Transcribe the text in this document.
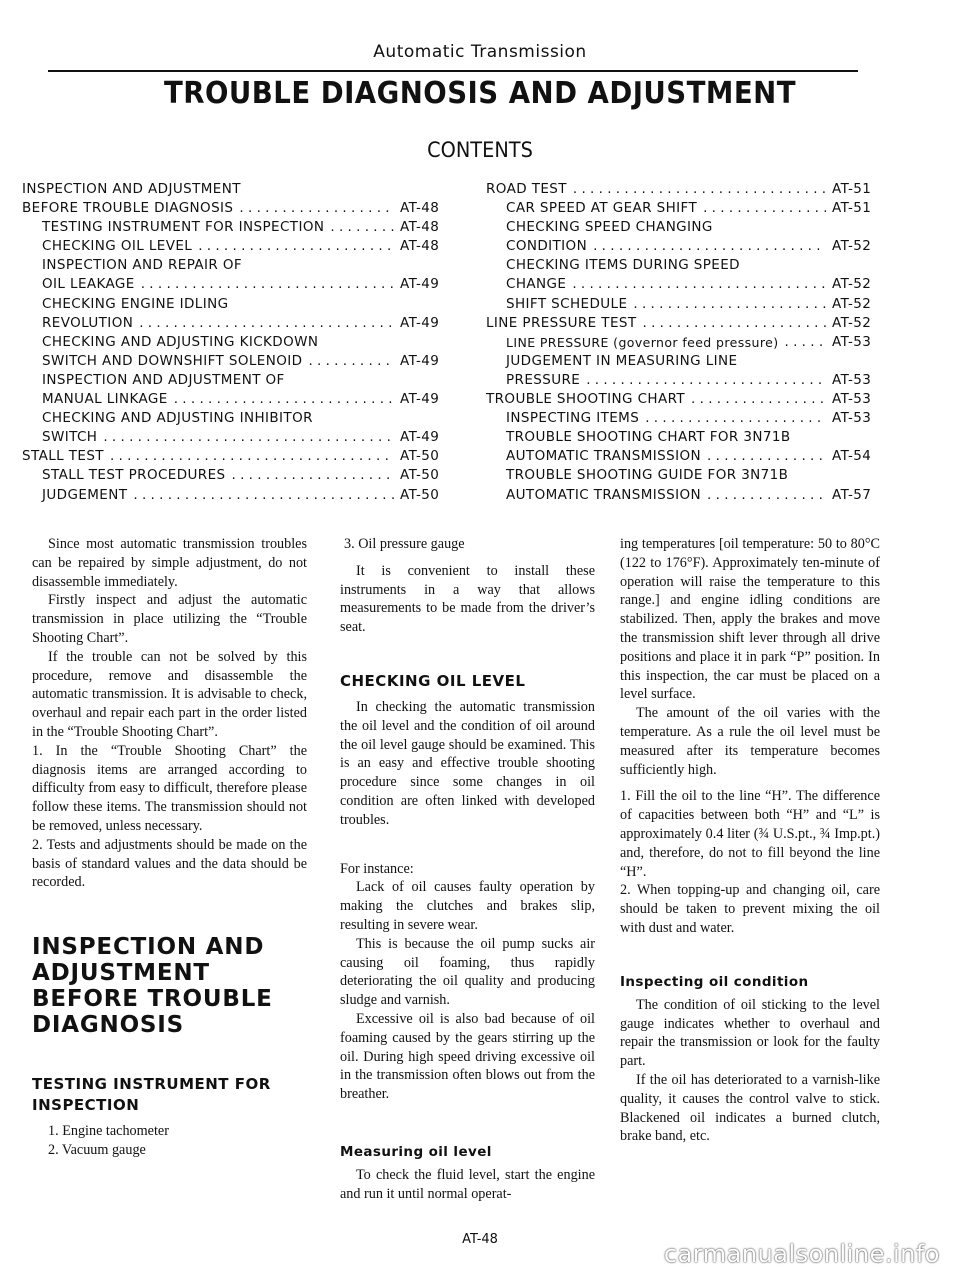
Automatic Transmission
TROUBLE DIAGNOSIS AND ADJUSTMENT
CONTENTS
INSPECTION AND ADJUSTMENT
BEFORE TROUBLE DIAGNOSIS . . .	AT-48
TESTING INSTRUMENT FOR INSPECTION . . .	AT-48
CHECKING OIL LEVEL . . .	AT-48
INSPECTION AND REPAIR OF
OIL LEAKAGE . . .	AT-49
CHECKING ENGINE IDLING
REVOLUTION . . .	AT-49
CHECKING AND ADJUSTING KICKDOWN
SWITCH AND DOWNSHIFT SOLENOID . . .	AT-49
INSPECTION AND ADJUSTMENT OF
MANUAL LINKAGE . . .	AT-49
CHECKING AND ADJUSTING INHIBITOR
SWITCH . . .	AT-49
STALL TEST . . .	AT-50
STALL TEST PROCEDURES . . .	AT-50
JUDGEMENT . . .	AT-50
ROAD TEST . . .	AT-51
CAR SPEED AT GEAR SHIFT . . .	AT-51
CHECKING SPEED CHANGING
CONDITION . . .	AT-52
CHECKING ITEMS DURING SPEED
CHANGE . . .	AT-52
SHIFT SCHEDULE . . .	AT-52
LINE PRESSURE TEST . . .	AT-52
LINE PRESSURE (governor feed pressure) . . .	AT-53
JUDGEMENT IN MEASURING LINE
PRESSURE . . .	AT-53
TROUBLE SHOOTING CHART . . .	AT-53
INSPECTING ITEMS . . .	AT-53
TROUBLE SHOOTING CHART FOR 3N71B
AUTOMATIC TRANSMISSION . . .	AT-54
TROUBLE SHOOTING GUIDE FOR 3N71B
AUTOMATIC TRANSMISSION . . .	AT-57

Since most automatic transmission troubles can be repaired by simple adjustment, do not disassemble immediately.

Firstly inspect and adjust the automatic transmission in place utilizing the “Trouble Shooting Chart”.

If the trouble can not be solved by this procedure, remove and disassemble the automatic transmission. It is advisable to check, overhaul and repair each part in the order listed in the “Trouble Shooting Chart”.

1. In the “Trouble Shooting Chart” the diagnosis items are arranged according to difficulty from easy to difficult, therefore please follow these items. The transmission should not be removed, unless necessary.

2. Tests and adjustments should be made on the basis of standard values and the data should be recorded.

INSPECTION AND ADJUSTMENT BEFORE TROUBLE DIAGNOSIS
TESTING INSTRUMENT FOR INSPECTION

1. Engine tachometer

2. Vacuum gauge

3. Oil pressure gauge

It is convenient to install these instruments in a way that allows measurements to be made from the driver’s seat.

CHECKING OIL LEVEL

In checking the automatic transmission the oil level and the condition of oil around the oil level gauge should be examined. This is an easy and effective trouble shooting procedure since some changes in oil condition are often linked with developed troubles.

For instance:

Lack of oil causes faulty operation by making the clutches and brakes slip, resulting in severe wear.

This is because the oil pump sucks air causing oil foaming, thus rapidly deteriorating the oil quality and producing sludge and varnish.

Excessive oil is also bad because of oil foaming caused by the gears stirring up the oil. During high speed driving excessive oil in the transmission often blows out from the breather.

Measuring oil level

To check the fluid level, start the engine and run it until normal operat-

ing temperatures [oil temperature: 50 to 80°C (122 to 176°F). Approximately ten-minute of operation will raise the temperature to this range.] and engine idling conditions are stabilized. Then, apply the brakes and move the transmission shift lever through all drive positions and place it in park “P” position. In this inspection, the car must be placed on a level surface.

The amount of the oil varies with the temperature. As a rule the oil level must be measured after its temperature becomes sufficiently high.

1. Fill the oil to the line “H”. The difference of capacities between both “H” and “L” is approximately 0.4 liter (¾ U.S.pt., ¾ Imp.pt.) and, therefore, do not to fill beyond the line “H”.

2. When topping-up and changing oil, care should be taken to prevent mixing the oil with dust and water.

Inspecting oil condition

The condition of oil sticking to the level gauge indicates whether to overhaul and repair the transmission or look for the faulty part.

If the oil has deteriorated to a varnish-like quality, it causes the control valve to stick. Blackened oil indicates a burned clutch, brake band, etc.

AT-48
carmanualsonline.info
